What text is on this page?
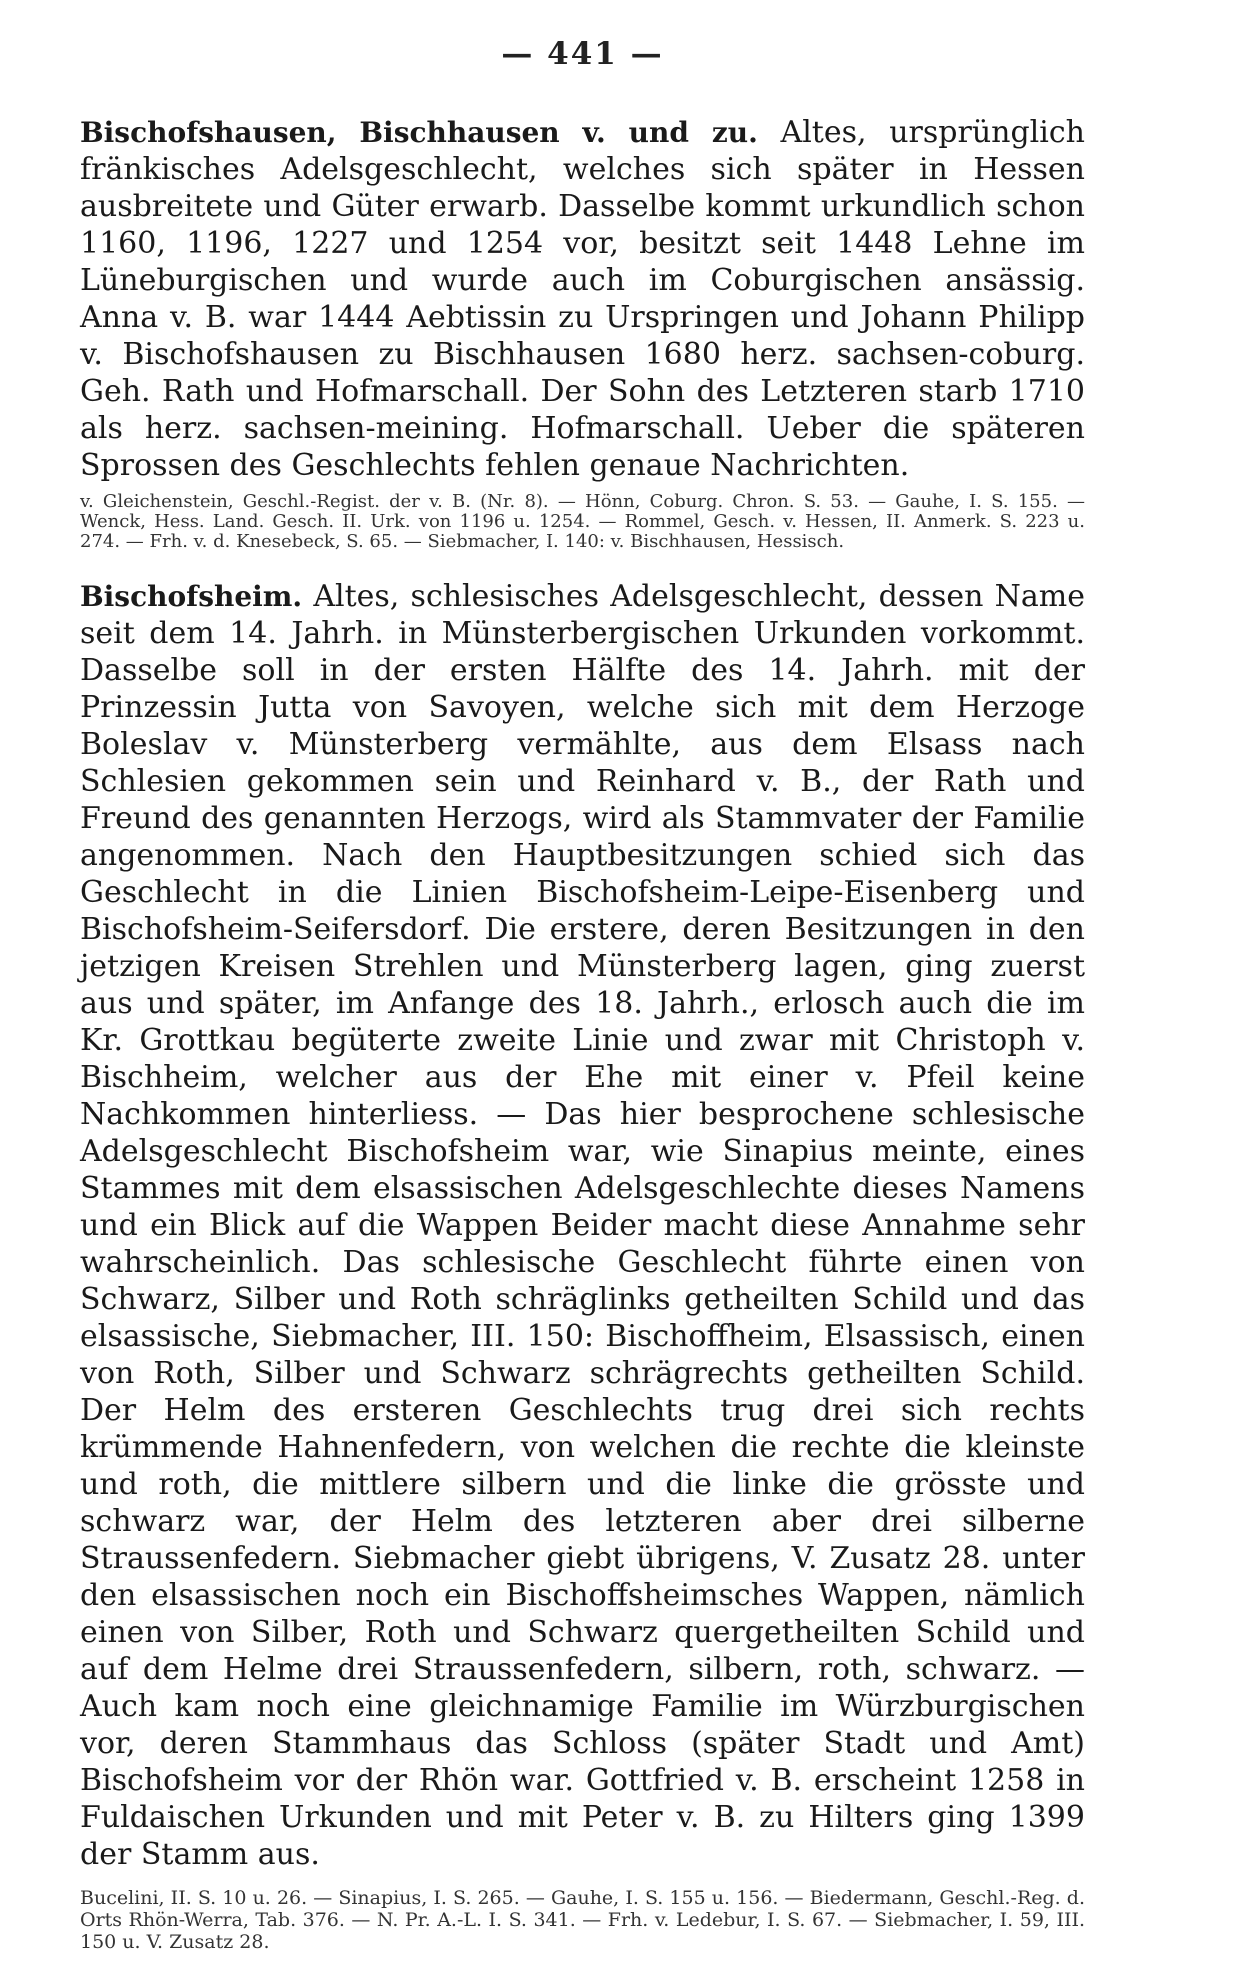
— 441 —

Bischofshausen, Bischhausen v. und zu. Altes, ursprünglich fränkisches Adelsgeschlecht, welches sich später in Hessen ausbreitete und Güter erwarb. Dasselbe kommt urkundlich schon 1160, 1196, 1227 und 1254 vor, besitzt seit 1448 Lehne im Lüneburgischen und wurde auch im Coburgischen ansässig. Anna v. B. war 1444 Aebtissin zu Urspringen und Johann Philipp v. Bischofshausen zu Bischhausen 1680 herz. sachsen-coburg. Geh. Rath und Hofmarschall. Der Sohn des Letzteren starb 1710 als herz. sachsen-meining. Hofmarschall. Ueber die späteren Sprossen des Geschlechts fehlen genaue Nachrichten.

v. Gleichenstein, Geschl.-Regist. der v. B. (Nr. 8). — Hönn, Coburg. Chron. S. 53. — Gauhe, I. S. 155. — Wenck, Hess. Land. Gesch. II. Urk. von 1196 u. 1254. — Rommel, Gesch. v. Hessen, II. Anmerk. S. 223 u. 274. — Frh. v. d. Knesebeck, S. 65. — Siebmacher, I. 140: v. Bischhausen, Hessisch.

Bischofsheim. Altes, schlesisches Adelsgeschlecht, dessen Name seit dem 14. Jahrh. in Münsterbergischen Urkunden vorkommt. Dasselbe soll in der ersten Hälfte des 14. Jahrh. mit der Prinzessin Jutta von Savoyen, welche sich mit dem Herzoge Boleslav v. Münsterberg vermählte, aus dem Elsass nach Schlesien gekommen sein und Reinhard v. B., der Rath und Freund des genannten Herzogs, wird als Stammvater der Familie angenommen. Nach den Hauptbesitzungen schied sich das Geschlecht in die Linien Bischofsheim-Leipe-Eisenberg und Bischofsheim-Seifersdorf. Die erstere, deren Besitzungen in den jetzigen Kreisen Strehlen und Münsterberg lagen, ging zuerst aus und später, im Anfange des 18. Jahrh., erlosch auch die im Kr. Grottkau begüterte zweite Linie und zwar mit Christoph v. Bischheim, welcher aus der Ehe mit einer v. Pfeil keine Nachkommen hinterliess. — Das hier besprochene schlesische Adelsgeschlecht Bischofsheim war, wie Sinapius meinte, eines Stammes mit dem elsassischen Adelsgeschlechte dieses Namens und ein Blick auf die Wappen Beider macht diese Annahme sehr wahrscheinlich. Das schlesische Geschlecht führte einen von Schwarz, Silber und Roth schräglinks getheilten Schild und das elsassische, Siebmacher, III. 150: Bischoffheim, Elsassisch, einen von Roth, Silber und Schwarz schrägrechts getheilten Schild. Der Helm des ersteren Geschlechts trug drei sich rechts krümmende Hahnenfedern, von welchen die rechte die kleinste und roth, die mittlere silbern und die linke die grösste und schwarz war, der Helm des letzteren aber drei silberne Straussenfedern. Siebmacher giebt übrigens, V. Zusatz 28. unter den elsassischen noch ein Bischoffsheimsches Wappen, nämlich einen von Silber, Roth und Schwarz quergetheilten Schild und auf dem Helme drei Straussenfedern, silbern, roth, schwarz. — Auch kam noch eine gleichnamige Familie im Würzburgischen vor, deren Stammhaus das Schloss (später Stadt und Amt) Bischofsheim vor der Rhön war. Gottfried v. B. erscheint 1258 in Fuldaischen Urkunden und mit Peter v. B. zu Hilters ging 1399 der Stamm aus.

Bucelini, II. S. 10 u. 26. — Sinapius, I. S. 265. — Gauhe, I. S. 155 u. 156. — Biedermann, Geschl.-Reg. d. Orts Rhön-Werra, Tab. 376. — N. Pr. A.-L. I. S. 341. — Frh. v. Ledebur, I. S. 67. — Siebmacher, I. 59, III. 150 u. V. Zusatz 28.
